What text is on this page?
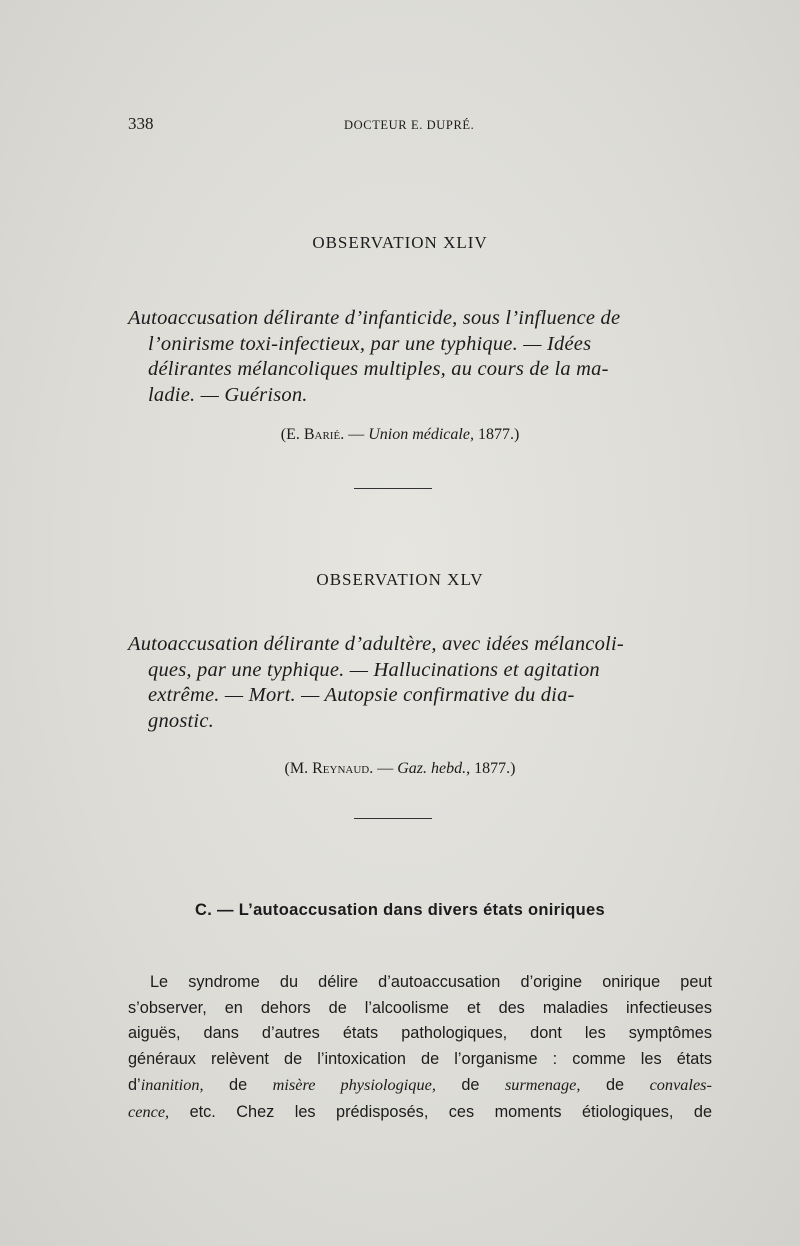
338	DOCTEUR E. DUPRÉ.
OBSERVATION XLIV
Autoaccusation délirante d’infanticide, sous l’influence de
l’onirisme toxi-infectieux, par une typhique. — Idées
délirantes mélancoliques multiples, au cours de la ma-
ladie. — Guérison.
(E. Barié. — Union médicale, 1877.)
OBSERVATION XLV
Autoaccusation délirante d’adultère, avec idées mélancoli-
ques, par une typhique. — Hallucinations et agitation
extrême. — Mort. — Autopsie confirmative du dia-
gnostic.
(M. Reynaud. — Gaz. hebd., 1877.)
C. — L’autoaccusation dans divers états oniriques
Le syndrome du délire d’autoaccusation d’origine onirique peut
s’observer, en dehors de l’alcoolisme et des maladies infectieuses
aiguës, dans d’autres états pathologiques, dont les symptômes
généraux relèvent de l’intoxication de l’organisme : comme les états
d’inanition, de misère physiologique, de surmenage, de convales-
cence, etc. Chez les prédisposés, ces moments étiologiques, de
